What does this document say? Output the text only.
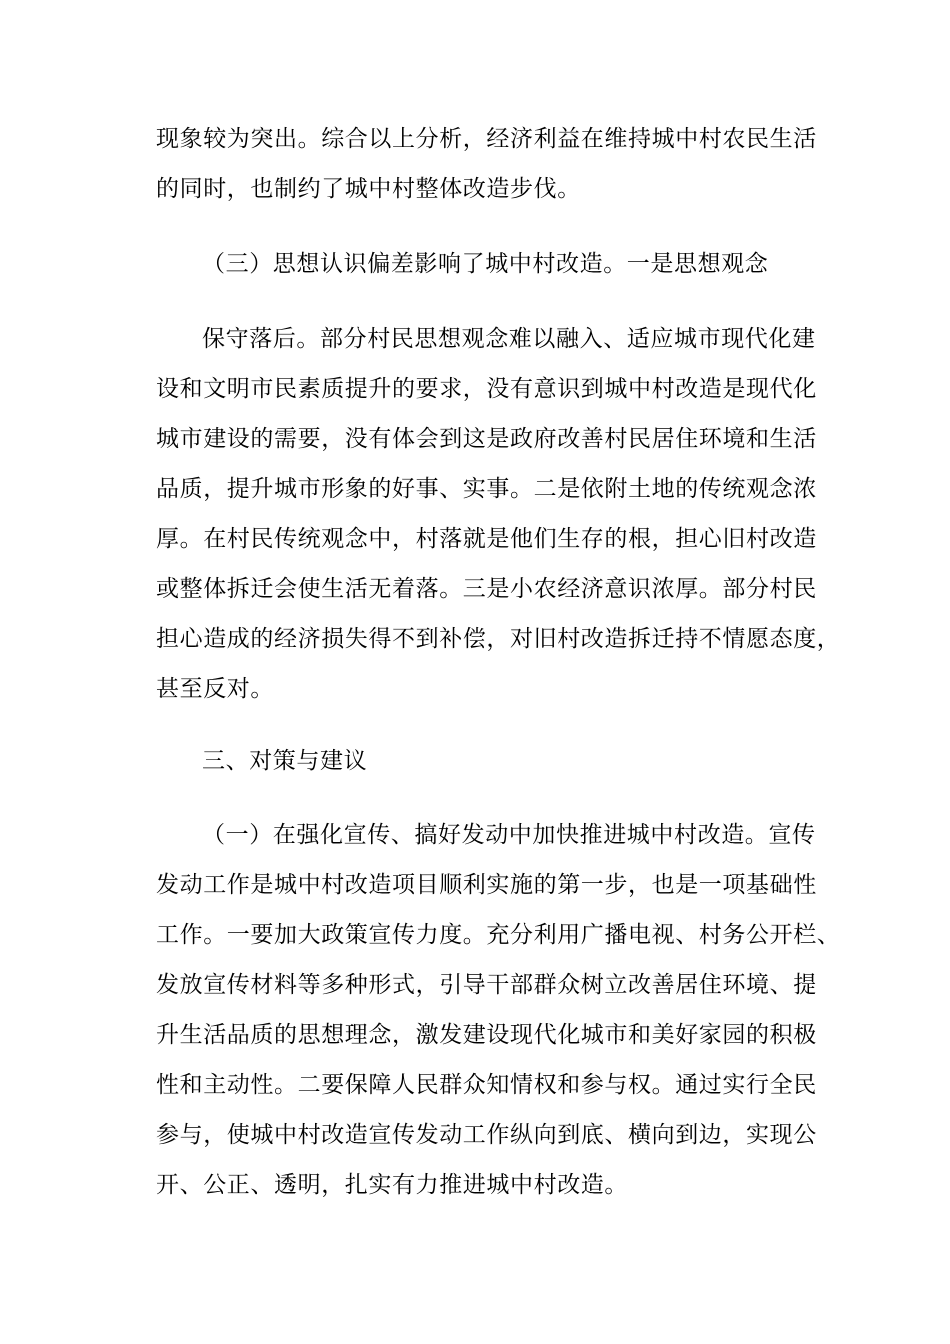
现象较为突出。综合以上分析，经济利益在维持城中村农民生活
的同时，也制约了城中村整体改造步伐。
（三）思想认识偏差影响了城中村改造。一是思想观念
保守落后。部分村民思想观念难以融入、适应城市现代化建
设和文明市民素质提升的要求，没有意识到城中村改造是现代化
城市建设的需要，没有体会到这是政府改善村民居住环境和生活
品质，提升城市形象的好事、实事。二是依附土地的传统观念浓
厚。在村民传统观念中，村落就是他们生存的根，担心旧村改造
或整体拆迁会使生活无着落。三是小农经济意识浓厚。部分村民
担心造成的经济损失得不到补偿，对旧村改造拆迁持不情愿态度，
甚至反对。
三、对策与建议
（一）在强化宣传、搞好发动中加快推进城中村改造。宣传
发动工作是城中村改造项目顺利实施的第一步，也是一项基础性
工作。一要加大政策宣传力度。充分利用广播电视、村务公开栏、
发放宣传材料等多种形式，引导干部群众树立改善居住环境、提
升生活品质的思想理念，激发建设现代化城市和美好家园的积极
性和主动性。二要保障人民群众知情权和参与权。通过实行全民
参与，使城中村改造宣传发动工作纵向到底、横向到边，实现公
开、公正、透明，扎实有力推进城中村改造。
